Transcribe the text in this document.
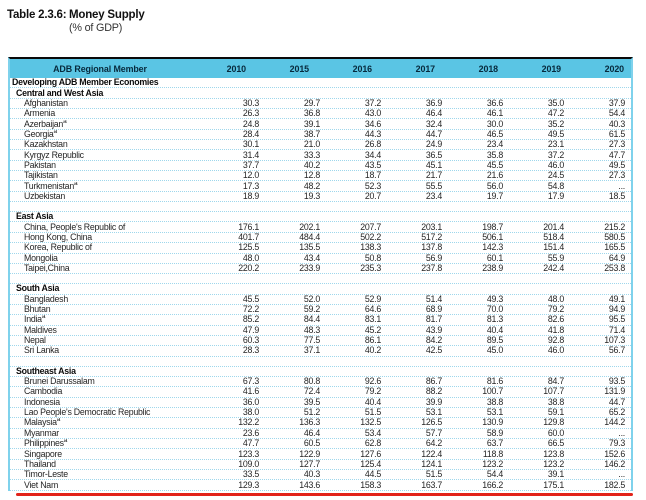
Table 2.3.6: Money Supply
(% of GDP)
ADB Regional Member	2010	2015	2016	2017	2018	2019	2020
Developing ADB Member Economies
Central and West Asia
Afghanistan	30.3	29.7	37.2	36.9	36.6	35.0	37.9
Armenia	26.3	36.8	43.0	46.4	46.1	47.2	54.4
Azerbaijan$^a$	24.8	39.1	34.6	32.4	30.0	35.2	40.3
Georgia$^a$	28.4	38.7	44.3	44.7	46.5	49.5	61.5
Kazakhstan	30.1	21.0	26.8	24.9	23.4	23.1	27.3
Kyrgyz Republic	31.4	33.3	34.4	36.5	35.8	37.2	47.7
Pakistan	37.7	40.2	43.5	45.1	45.5	46.0	49.5
Tajikistan	12.0	12.8	18.7	21.7	21.6	24.5	27.3
Turkmenistan$^a$	17.3	48.2	52.3	55.5	56.0	54.8	...
Uzbekistan	18.9	19.3	20.7	23.4	19.7	17.9	18.5
East Asia
China, People's Republic of	176.1	202.1	207.7	203.1	198.7	201.4	215.2
Hong Kong, China	401.7	484.4	502.2	517.2	506.1	518.4	580.5
Korea, Republic of	125.5	135.5	138.3	137.8	142.3	151.4	165.5
Mongolia	48.0	43.4	50.8	56.9	60.1	55.9	64.9
Taipei,China	220.2	233.9	235.3	237.8	238.9	242.4	253.8
South Asia
Bangladesh	45.5	52.0	52.9	51.4	49.3	48.0	49.1
Bhutan	72.2	59.2	64.6	68.9	70.0	79.2	94.9
India$^a$	85.2	84.4	83.1	81.7	81.3	82.6	95.5
Maldives	47.9	48.3	45.2	43.9	40.4	41.8	71.4
Nepal	60.3	77.5	86.1	84.2	89.5	92.8	107.3
Sri Lanka	28.3	37.1	40.2	42.5	45.0	46.0	56.7
Southeast Asia
Brunei Darussalam	67.3	80.8	92.6	86.7	81.6	84.7	93.5
Cambodia	41.6	72.4	79.2	88.2	100.7	107.7	131.9
Indonesia	36.0	39.5	40.4	39.9	38.8	38.8	44.7
Lao People's Democratic Republic	38.0	51.2	51.5	53.1	53.1	59.1	65.2
Malaysia$^a$	132.2	136.3	132.5	126.5	130.9	129.8	144.2
Myanmar	23.6	46.4	53.4	57.7	58.9	60.0	...
Philippines$^a$	47.7	60.5	62.8	64.2	63.7	66.5	79.3
Singapore	123.3	122.9	127.6	122.4	118.8	123.8	152.6
Thailand	109.0	127.7	125.4	124.1	123.2	123.2	146.2
Timor-Leste	33.5	40.3	44.5	51.5	54.4	39.1	...
Viet Nam	129.3	143.6	158.3	163.7	166.2	175.1	182.5
